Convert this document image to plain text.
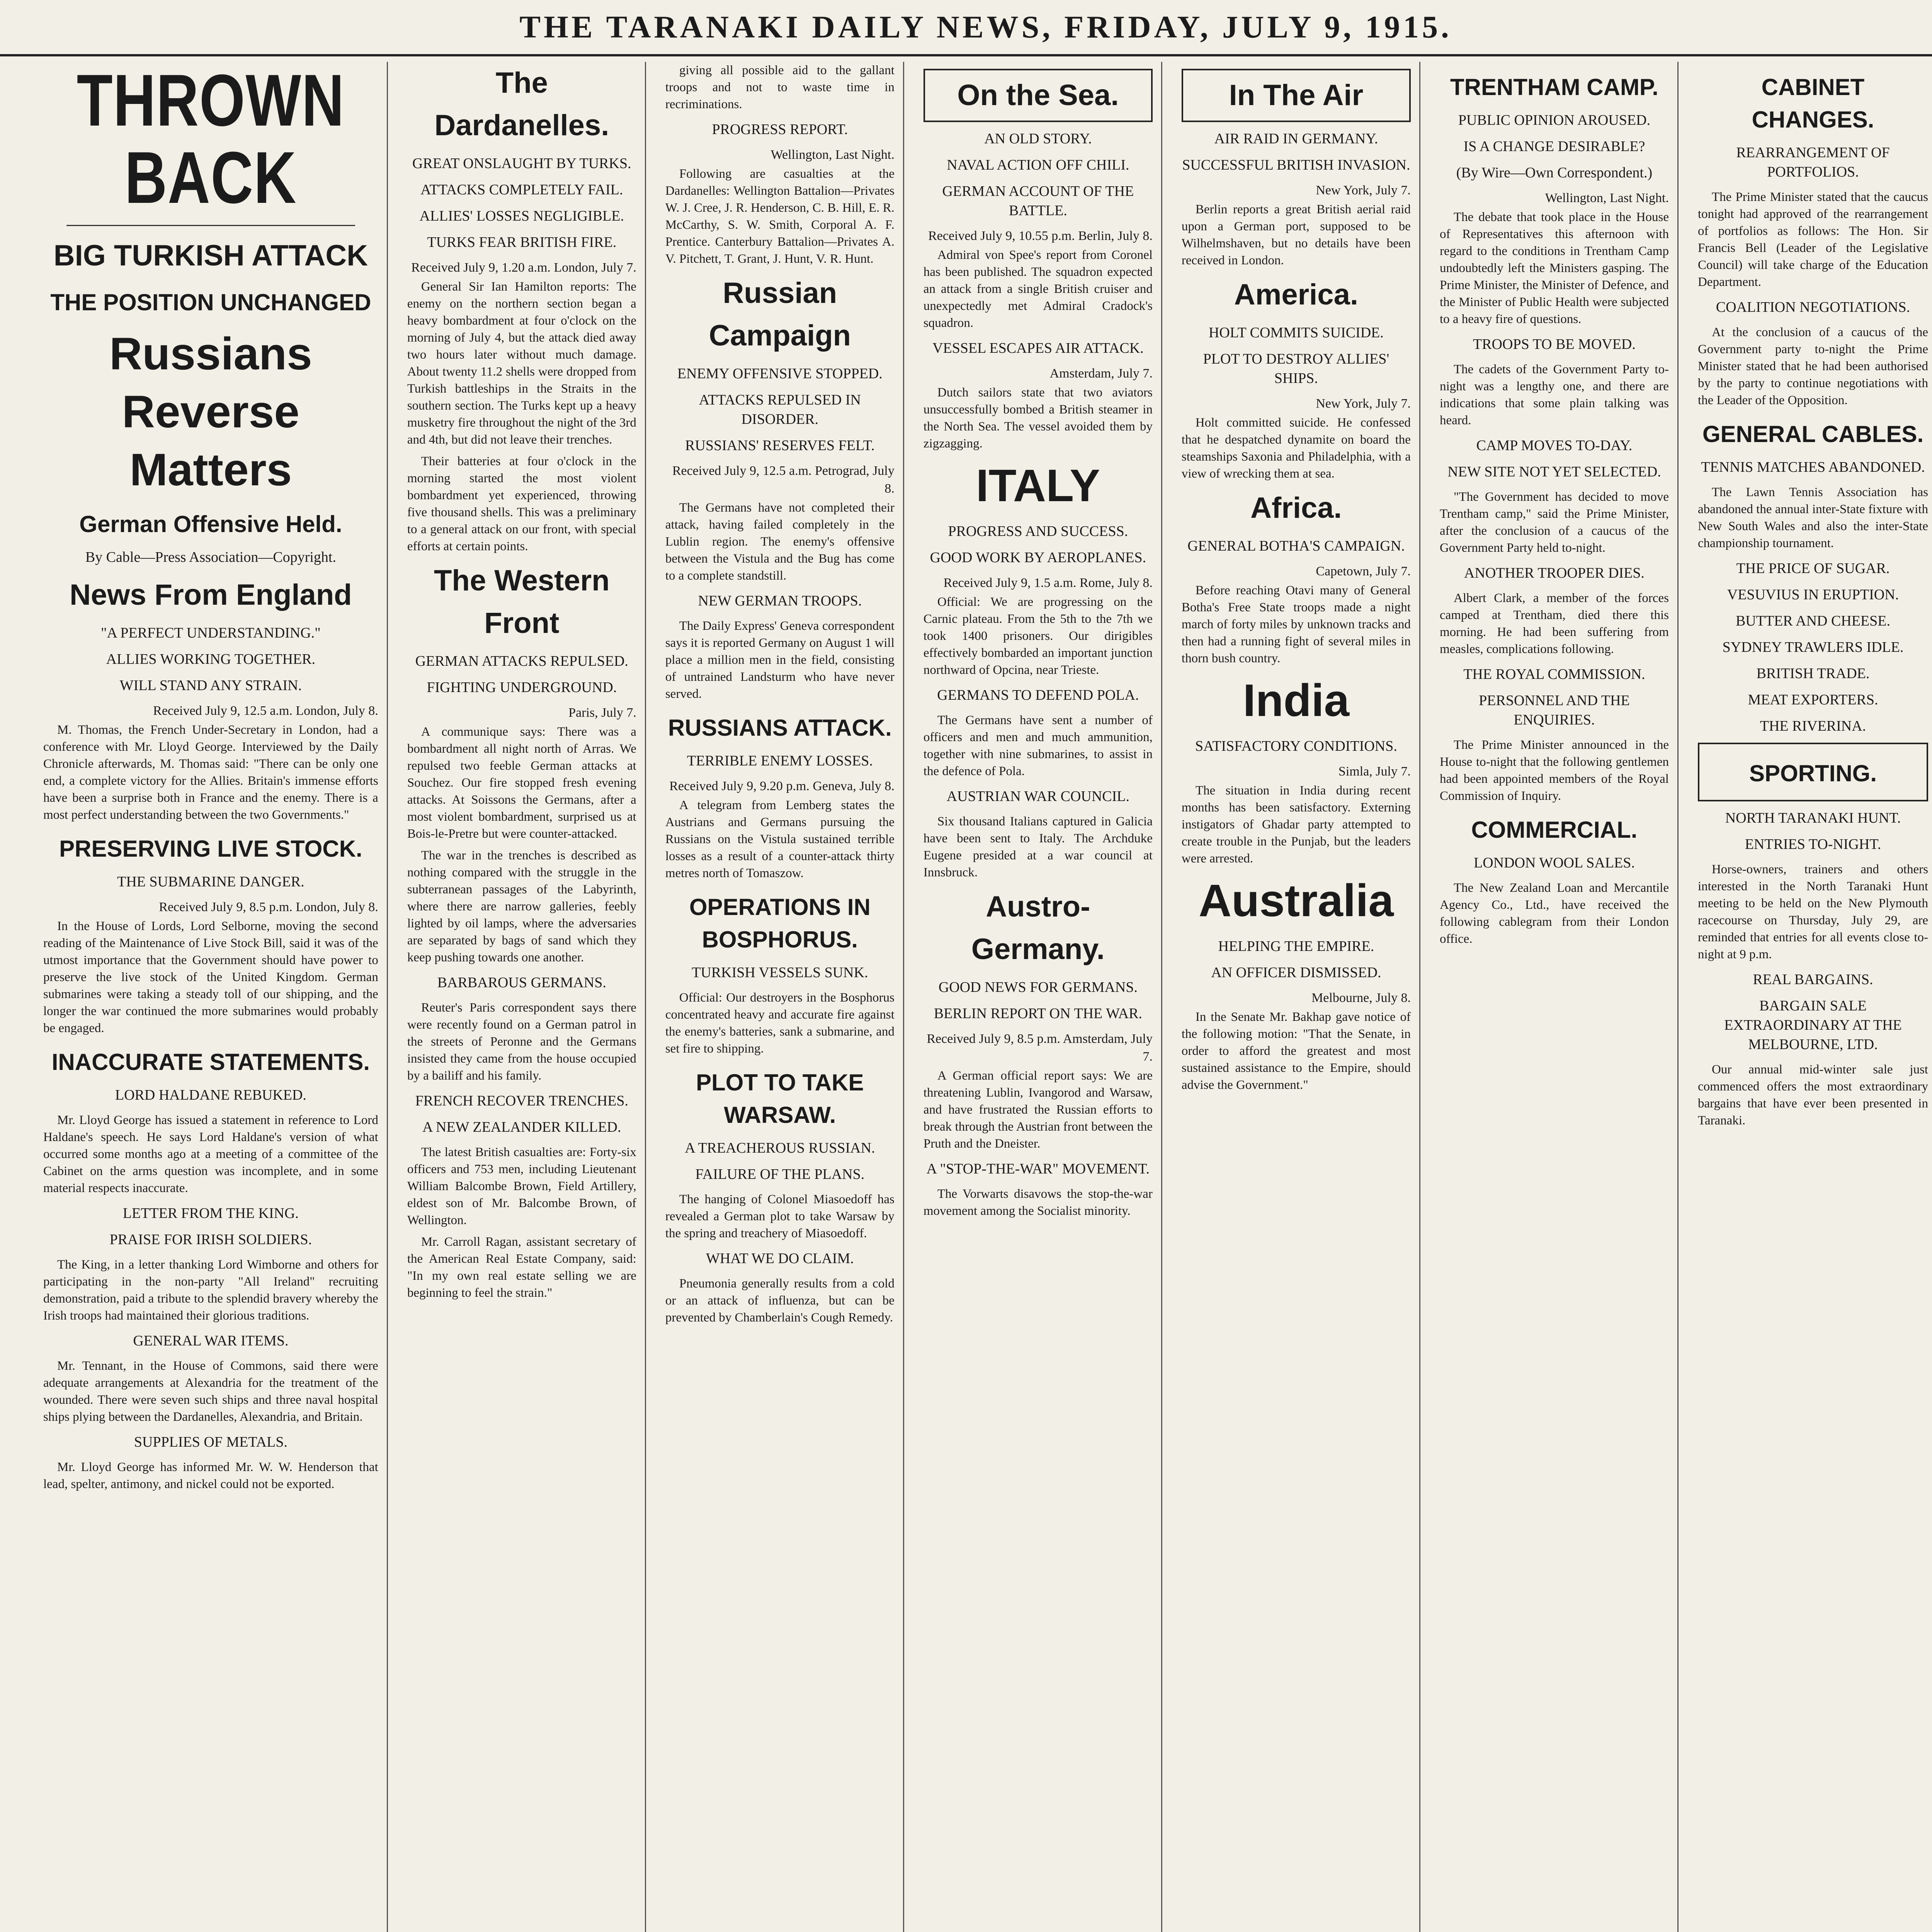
THE TARANAKI DAILY NEWS, FRIDAY, JULY 9, 1915.
THROWN BACK
BIG TURKISH ATTACK
THE POSITION UNCHANGED
Russians Reverse Matters
German Offensive Held.
By Cable—Press Association—Copyright.
News From England
"A PERFECT UNDERSTANDING."
ALLIES WORKING TOGETHER.
WILL STAND ANY STRAIN.
Received July 9, 12.5 a.m. London, July 8.

M. Thomas, the French Under-Secretary in London, had a conference with Mr. Lloyd George. Interviewed by the Daily Chronicle afterwards, M. Thomas said: "There can be only one end, a complete victory for the Allies. Britain's immense efforts have been a surprise both in France and the enemy. There is a most perfect understanding between the two Governments."

PRESERVING LIVE STOCK.
THE SUBMARINE DANGER.
Received July 9, 8.5 p.m. London, July 8.

In the House of Lords, Lord Selborne, moving the second reading of the Maintenance of Live Stock Bill, said it was of the utmost importance that the Government should have power to preserve the live stock of the United Kingdom. German submarines were taking a steady toll of our shipping, and the longer the war continued the more submarines would probably be engaged.

INACCURATE STATEMENTS.
LORD HALDANE REBUKED.

Mr. Lloyd George has issued a statement in reference to Lord Haldane's speech. He says Lord Haldane's version of what occurred some months ago at a meeting of a committee of the Cabinet on the arms question was incomplete, and in some material respects inaccurate.

LETTER FROM THE KING.
PRAISE FOR IRISH SOLDIERS.

The King, in a letter thanking Lord Wimborne and others for participating in the non-party "All Ireland" recruiting demonstration, paid a tribute to the splendid bravery whereby the Irish troops had maintained their glorious traditions.

GENERAL WAR ITEMS.

Mr. Tennant, in the House of Commons, said there were adequate arrangements at Alexandria for the treatment of the wounded. There were seven such ships and three naval hospital ships plying between the Dardanelles, Alexandria, and Britain.

SUPPLIES OF METALS.

Mr. Lloyd George has informed Mr. W. W. Henderson that lead, spelter, antimony, and nickel could not be exported.

The Dardanelles.
GREAT ONSLAUGHT BY TURKS.
ATTACKS COMPLETELY FAIL.
ALLIES' LOSSES NEGLIGIBLE.
TURKS FEAR BRITISH FIRE.
Received July 9, 1.20 a.m. London, July 7.

General Sir Ian Hamilton reports: The enemy on the northern section began a heavy bombardment at four o'clock on the morning of July 4, but the attack died away two hours later without much damage. About twenty 11.2 shells were dropped from Turkish battleships in the Straits in the southern section. The Turks kept up a heavy musketry fire throughout the night of the 3rd and 4th, but did not leave their trenches.

Their batteries at four o'clock in the morning started the most violent bombardment yet experienced, throwing five thousand shells. This was a preliminary to a general attack on our front, with special efforts at certain points.

The Western Front
GERMAN ATTACKS REPULSED.
FIGHTING UNDERGROUND.
Paris, July 7.

A communique says: There was a bombardment all night north of Arras. We repulsed two feeble German attacks at Souchez. Our fire stopped fresh evening attacks. At Soissons the Germans, after a most violent bombardment, surprised us at Bois-le-Pretre but were counter-attacked.

The war in the trenches is described as nothing compared with the struggle in the subterranean passages of the Labyrinth, where there are narrow galleries, feebly lighted by oil lamps, where the adversaries are separated by bags of sand which they keep pushing towards one another.

BARBAROUS GERMANS.

Reuter's Paris correspondent says there were recently found on a German patrol in the streets of Peronne and the Germans insisted they came from the house occupied by a bailiff and his family.

FRENCH RECOVER TRENCHES.
A NEW ZEALANDER KILLED.

The latest British casualties are: Forty-six officers and 753 men, including Lieutenant William Balcombe Brown, Field Artillery, eldest son of Mr. Balcombe Brown, of Wellington.

Mr. Carroll Ragan, assistant secretary of the American Real Estate Company, said: "In my own real estate selling we are beginning to feel the strain."

giving all possible aid to the gallant troops and not to waste time in recriminations.

PROGRESS REPORT.
Wellington, Last Night.

Following are casualties at the Dardanelles: Wellington Battalion—Privates W. J. Cree, J. R. Henderson, C. B. Hill, E. R. McCarthy, S. W. Smith, Corporal A. F. Prentice. Canterbury Battalion—Privates A. V. Pitchett, T. Grant, J. Hunt, V. R. Hunt.

Russian Campaign
ENEMY OFFENSIVE STOPPED.
ATTACKS REPULSED IN DISORDER.
RUSSIANS' RESERVES FELT.
Received July 9, 12.5 a.m. Petrograd, July 8.

The Germans have not completed their attack, having failed completely in the Lublin region. The enemy's offensive between the Vistula and the Bug has come to a complete standstill.

NEW GERMAN TROOPS.

The Daily Express' Geneva correspondent says it is reported Germany on August 1 will place a million men in the field, consisting of untrained Landsturm who have never served.

RUSSIANS ATTACK.
TERRIBLE ENEMY LOSSES.
Received July 9, 9.20 p.m. Geneva, July 8.

A telegram from Lemberg states the Austrians and Germans pursuing the Russians on the Vistula sustained terrible losses as a result of a counter-attack thirty metres north of Tomaszow.

OPERATIONS IN BOSPHORUS.
TURKISH VESSELS SUNK.

Official: Our destroyers in the Bosphorus concentrated heavy and accurate fire against the enemy's batteries, sank a submarine, and set fire to shipping.

PLOT TO TAKE WARSAW.
A TREACHEROUS RUSSIAN.
FAILURE OF THE PLANS.

The hanging of Colonel Miasoedoff has revealed a German plot to take Warsaw by the spring and treachery of Miasoedoff.

WHAT WE DO CLAIM.

Pneumonia generally results from a cold or an attack of influenza, but can be prevented by Chamberlain's Cough Remedy.

On the Sea.
AN OLD STORY.
NAVAL ACTION OFF CHILI.
GERMAN ACCOUNT OF THE BATTLE.
Received July 9, 10.55 p.m. Berlin, July 8.

Admiral von Spee's report from Coronel has been published. The squadron expected an attack from a single British cruiser and unexpectedly met Admiral Cradock's squadron.

VESSEL ESCAPES AIR ATTACK.
Amsterdam, July 7.

Dutch sailors state that two aviators unsuccessfully bombed a British steamer in the North Sea. The vessel avoided them by zigzagging.

ITALY
PROGRESS AND SUCCESS.
GOOD WORK BY AEROPLANES.
Received July 9, 1.5 a.m. Rome, July 8.

Official: We are progressing on the Carnic plateau. From the 5th to the 7th we took 1400 prisoners. Our dirigibles effectively bombarded an important junction northward of Opcina, near Trieste.

GERMANS TO DEFEND POLA.

The Germans have sent a number of officers and men and much ammunition, together with nine submarines, to assist in the defence of Pola.

AUSTRIAN WAR COUNCIL.

Six thousand Italians captured in Galicia have been sent to Italy. The Archduke Eugene presided at a war council at Innsbruck.

Austro-Germany.
GOOD NEWS FOR GERMANS.
BERLIN REPORT ON THE WAR.
Received July 9, 8.5 p.m. Amsterdam, July 7.

A German official report says: We are threatening Lublin, Ivangorod and Warsaw, and have frustrated the Russian efforts to break through the Austrian front between the Pruth and the Dneister.

A "STOP-THE-WAR" MOVEMENT.

The Vorwarts disavows the stop-the-war movement among the Socialist minority.

In The Air
AIR RAID IN GERMANY.
SUCCESSFUL BRITISH INVASION.
New York, July 7.

Berlin reports a great British aerial raid upon a German port, supposed to be Wilhelmshaven, but no details have been received in London.

America.
HOLT COMMITS SUICIDE.
PLOT TO DESTROY ALLIES' SHIPS.
New York, July 7.

Holt committed suicide. He confessed that he despatched dynamite on board the steamships Saxonia and Philadelphia, with a view of wrecking them at sea.

Africa.
GENERAL BOTHA'S CAMPAIGN.
Capetown, July 7.

Before reaching Otavi many of General Botha's Free State troops made a night march of forty miles by unknown tracks and then had a running fight of several miles in thorn bush country.

India
SATISFACTORY CONDITIONS.
Simla, July 7.

The situation in India during recent months has been satisfactory. Externing instigators of Ghadar party attempted to create trouble in the Punjab, but the leaders were arrested.

Australia
HELPING THE EMPIRE.
AN OFFICER DISMISSED.
Melbourne, July 8.

In the Senate Mr. Bakhap gave notice of the following motion: "That the Senate, in order to afford the greatest and most sustained assistance to the Empire, should advise the Government."

TRENTHAM CAMP.
PUBLIC OPINION AROUSED.
IS A CHANGE DESIRABLE?
(By Wire—Own Correspondent.)
Wellington, Last Night.

The debate that took place in the House of Representatives this afternoon with regard to the conditions in Trentham Camp undoubtedly left the Ministers gasping. The Prime Minister, the Minister of Defence, and the Minister of Public Health were subjected to a heavy fire of questions.

TROOPS TO BE MOVED.

The cadets of the Government Party to-night was a lengthy one, and there are indications that some plain talking was heard.

CAMP MOVES TO-DAY.
NEW SITE NOT YET SELECTED.

"The Government has decided to move Trentham camp," said the Prime Minister, after the conclusion of a caucus of the Government Party held to-night.

ANOTHER TROOPER DIES.

Albert Clark, a member of the forces camped at Trentham, died there this morning. He had been suffering from measles, complications following.

THE ROYAL COMMISSION.
PERSONNEL AND THE ENQUIRIES.

The Prime Minister announced in the House to-night that the following gentlemen had been appointed members of the Royal Commission of Inquiry.

COMMERCIAL.
LONDON WOOL SALES.

The New Zealand Loan and Mercantile Agency Co., Ltd., have received the following cablegram from their London office.

CABINET CHANGES.
REARRANGEMENT OF PORTFOLIOS.

The Prime Minister stated that the caucus tonight had approved of the rearrangement of portfolios as follows: The Hon. Sir Francis Bell (Leader of the Legislative Council) will take charge of the Education Department.

COALITION NEGOTIATIONS.

At the conclusion of a caucus of the Government party to-night the Prime Minister stated that he had been authorised by the party to continue negotiations with the Leader of the Opposition.

GENERAL CABLES.
TENNIS MATCHES ABANDONED.

The Lawn Tennis Association has abandoned the annual inter-State fixture with New South Wales and also the inter-State championship tournament.

THE PRICE OF SUGAR.
VESUVIUS IN ERUPTION.
BUTTER AND CHEESE.
SYDNEY TRAWLERS IDLE.
BRITISH TRADE.
MEAT EXPORTERS.
THE RIVERINA.
SPORTING.
NORTH TARANAKI HUNT.
ENTRIES TO-NIGHT.

Horse-owners, trainers and others interested in the North Taranaki Hunt meeting to be held on the New Plymouth racecourse on Thursday, July 29, are reminded that entries for all events close to-night at 9 p.m.

REAL BARGAINS.
BARGAIN SALE EXTRAORDINARY AT THE MELBOURNE, LTD.

Our annual mid-winter sale just commenced offers the most extraordinary bargains that have ever been presented in Taranaki.
